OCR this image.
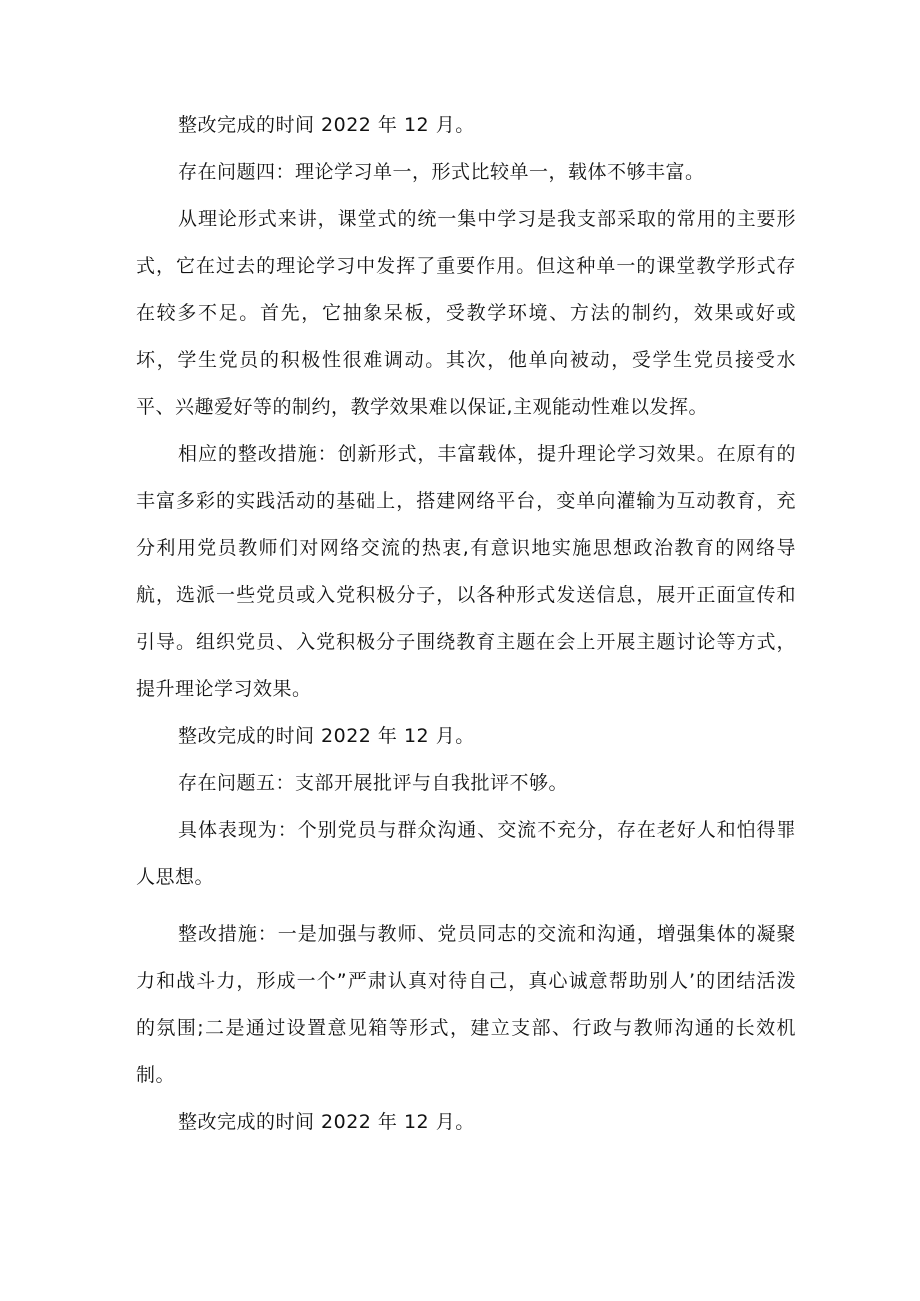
整改完成的时间 2022 年 12 月。

存在问题四：理论学习单一，形式比较单一，载体不够丰富。

从理论形式来讲，课堂式的统一集中学习是我支部采取的常用的主要形式，它在过去的理论学习中发挥了重要作用。但这种单一的课堂教学形式存在较多不足。首先，它抽象呆板，受教学环境、方法的制约，效果或好或坏，学生党员的积极性很难调动。其次，他单向被动，受学生党员接受水平、兴趣爱好等的制约，教学效果难以保证,主观能动性难以发挥。

相应的整改措施：创新形式，丰富载体，提升理论学习效果。在原有的丰富多彩的实践活动的基础上，搭建网络平台，变单向灌输为互动教育，充分利用党员教师们对网络交流的热衷,有意识地实施思想政治教育的网络导航，选派一些党员或入党积极分子，以各种形式发送信息，展开正面宣传和引导。组织党员、入党积极分子围绕教育主题在会上开展主题讨论等方式，提升理论学习效果。

整改完成的时间 2022 年 12 月。

存在问题五：支部开展批评与自我批评不够。

具体表现为：个别党员与群众沟通、交流不充分，存在老好人和怕得罪人思想。

整改措施：一是加强与教师、党员同志的交流和沟通，增强集体的凝聚力和战斗力，形成一个”严肃认真对待自己，真心诚意帮助别人’的团结活泼的氛围;二是通过设置意见箱等形式，建立支部、行政与教师沟通的长效机制。

整改完成的时间 2022 年 12 月。
